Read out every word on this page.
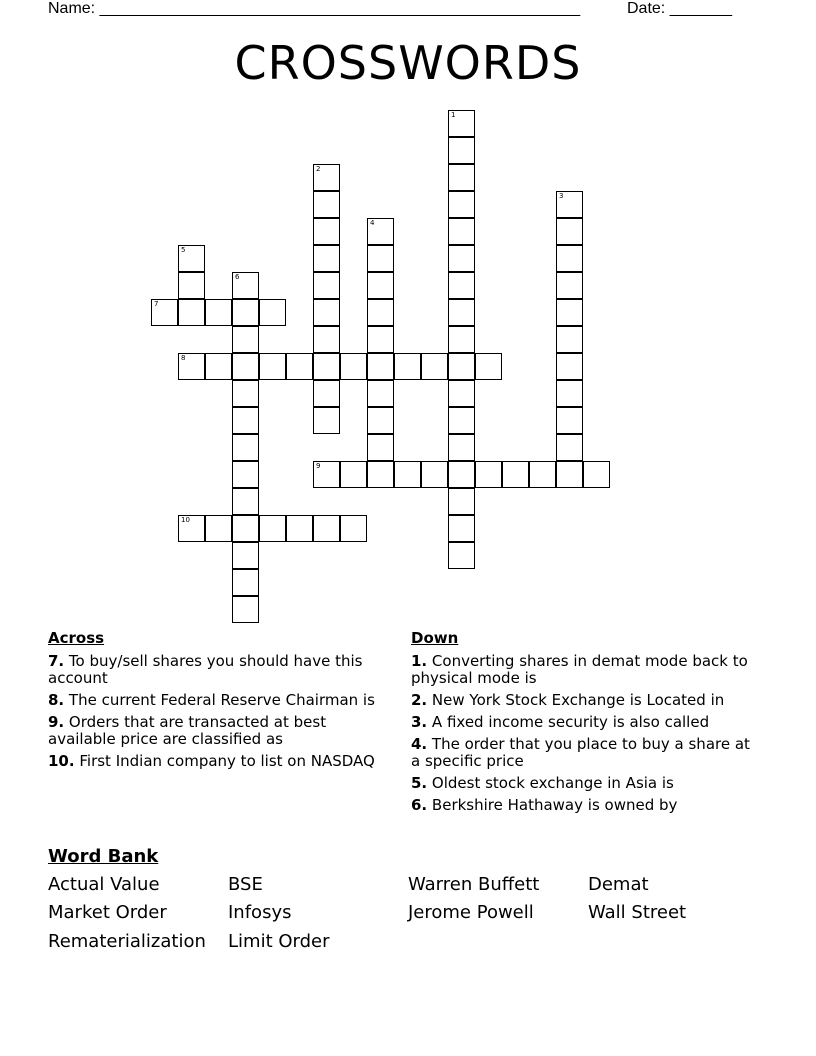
Name: ______________________________________________________	Date: _______
CROSSWORDS
1
2
3
4
5
6
7
8
9
10
Across
7. To buy/sell shares you should have this account
8. The current Federal Reserve Chairman is
9. Orders that are transacted at best available price are classified as
10. First Indian company to list on NASDAQ
Down
1. Converting shares in demat mode back to physical mode is
2. New York Stock Exchange is Located in
3. A fixed income security is also called
4. The order that you place to buy a share at a specific price
5. Oldest stock exchange in Asia is
6. Berkshire Hathaway is owned by
Word Bank
Actual Value	BSE	Warren Buffett	Demat
Market Order	Infosys	Jerome Powell	Wall Street
Rematerialization Limit Order
